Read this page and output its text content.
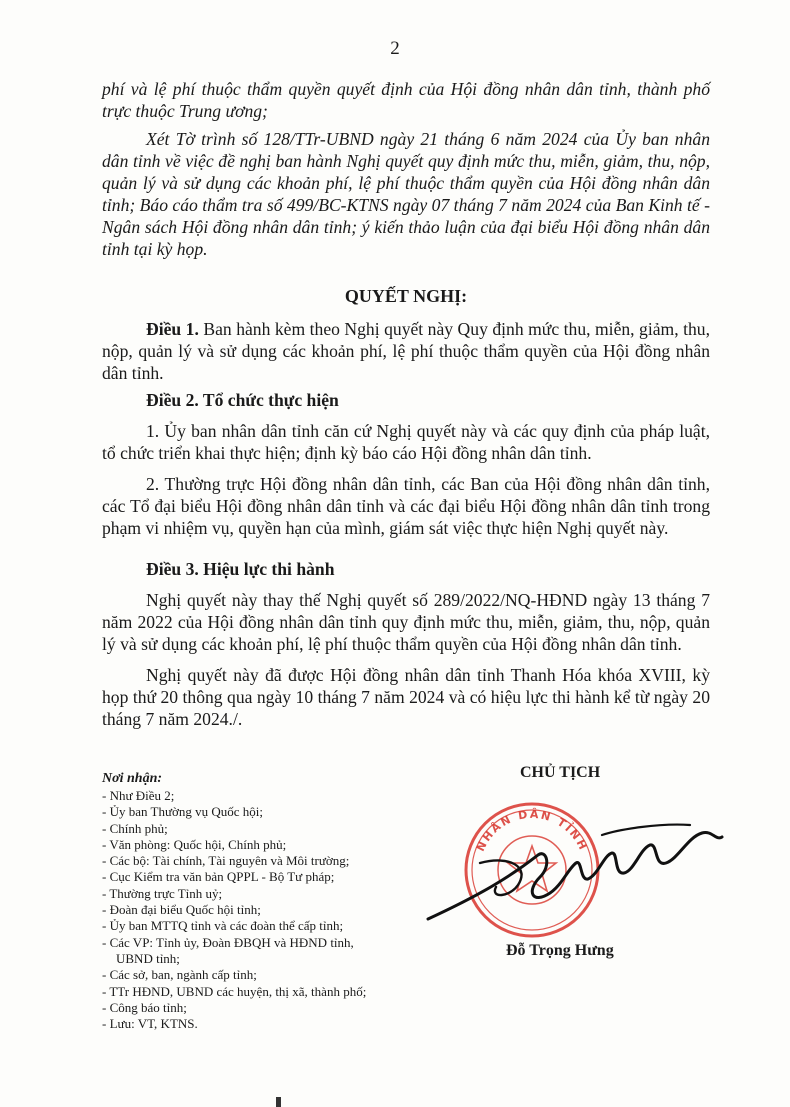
2

phí và lệ phí thuộc thẩm quyền quyết định của Hội đồng nhân dân tỉnh, thành phố trực thuộc Trung ương;

Xét Tờ trình số 128/TTr-UBND ngày 21 tháng 6 năm 2024 của Ủy ban nhân dân tỉnh về việc đề nghị ban hành Nghị quyết quy định mức thu, miễn, giảm, thu, nộp, quản lý và sử dụng các khoản phí, lệ phí thuộc thẩm quyền của Hội đồng nhân dân tỉnh; Báo cáo thẩm tra số 499/BC-KTNS ngày 07 tháng 7 năm 2024 của Ban Kinh tế - Ngân sách Hội đồng nhân dân tỉnh; ý kiến thảo luận của đại biểu Hội đồng nhân dân tỉnh tại kỳ họp.

QUYẾT NGHỊ:

Điều 1. Ban hành kèm theo Nghị quyết này Quy định mức thu, miễn, giảm, thu, nộp, quản lý và sử dụng các khoản phí, lệ phí thuộc thẩm quyền của Hội đồng nhân dân tỉnh.

Điều 2. Tổ chức thực hiện

1. Ủy ban nhân dân tỉnh căn cứ Nghị quyết này và các quy định của pháp luật, tổ chức triển khai thực hiện; định kỳ báo cáo Hội đồng nhân dân tỉnh.

2. Thường trực Hội đồng nhân dân tỉnh, các Ban của Hội đồng nhân dân tỉnh, các Tổ đại biểu Hội đồng nhân dân tỉnh và các đại biểu Hội đồng nhân dân tỉnh trong phạm vi nhiệm vụ, quyền hạn của mình, giám sát việc thực hiện Nghị quyết này.

Điều 3. Hiệu lực thi hành

Nghị quyết này thay thế Nghị quyết số 289/2022/NQ-HĐND ngày 13 tháng 7 năm 2022 của Hội đồng nhân dân tỉnh quy định mức thu, miễn, giảm, thu, nộp, quản lý và sử dụng các khoản phí, lệ phí thuộc thẩm quyền của Hội đồng nhân dân tỉnh.

Nghị quyết này đã được Hội đồng nhân dân tỉnh Thanh Hóa khóa XVIII, kỳ họp thứ 20 thông qua ngày 10 tháng 7 năm 2024 và có hiệu lực thi hành kể từ ngày 20 tháng 7 năm 2024./.

Nơi nhận:
- Như Điều 2;
- Ủy ban Thường vụ Quốc hội;
- Chính phủ;
- Văn phòng: Quốc hội, Chính phủ;
- Các bộ: Tài chính, Tài nguyên và Môi trường;
- Cục Kiểm tra văn bản QPPL - Bộ Tư pháp;
- Thường trực Tỉnh uỷ;
- Đoàn đại biểu Quốc hội tỉnh;
- Ủy ban MTTQ tỉnh và các đoàn thể cấp tỉnh;
- Các VP: Tỉnh ủy, Đoàn ĐBQH và HĐND tỉnh,
UBND tỉnh;
- Các sở, ban, ngành cấp tỉnh;
- TTr HĐND, UBND các huyện, thị xã, thành phố;
- Công báo tỉnh;
- Lưu: VT, KTNS.
CHỦ TỊCH
NHÂN DÂN TỈNH
Đỗ Trọng Hưng
